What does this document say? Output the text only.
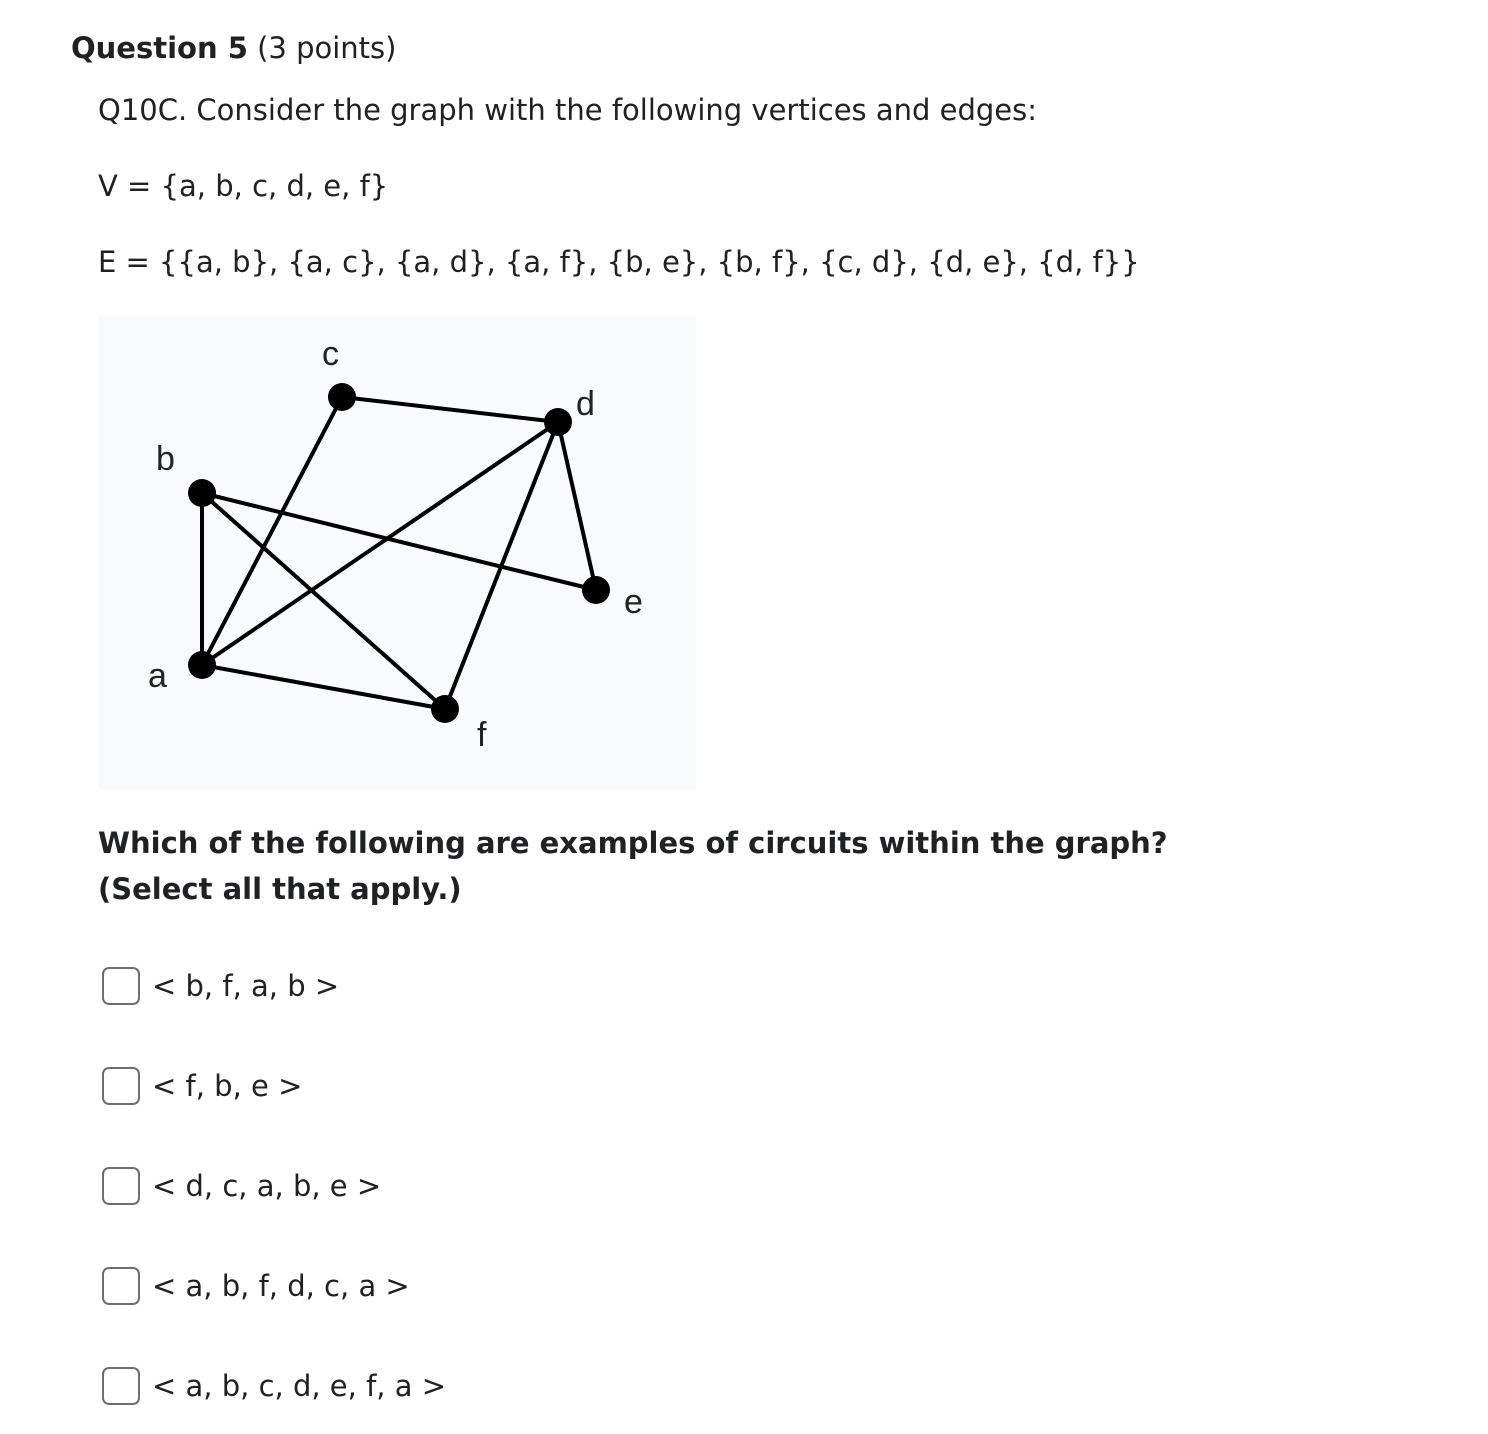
Question 5 (3 points)
Q10C. Consider the graph with the following vertices and edges:
V = {a, b, c, d, e, f}
E = {{a, b}, {a, c}, {a, d}, {a, f}, {b, e}, {b, f}, {c, d}, {d, e}, {d, f}}
a
b
c
d
e
f
Which of the following are examples of circuits within the graph? (Select all that apply.)
< b, f, a, b >
< f, b, e >
< d, c, a, b, e >
< a, b, f, d, c, a >
< a, b, c, d, e, f, a >
